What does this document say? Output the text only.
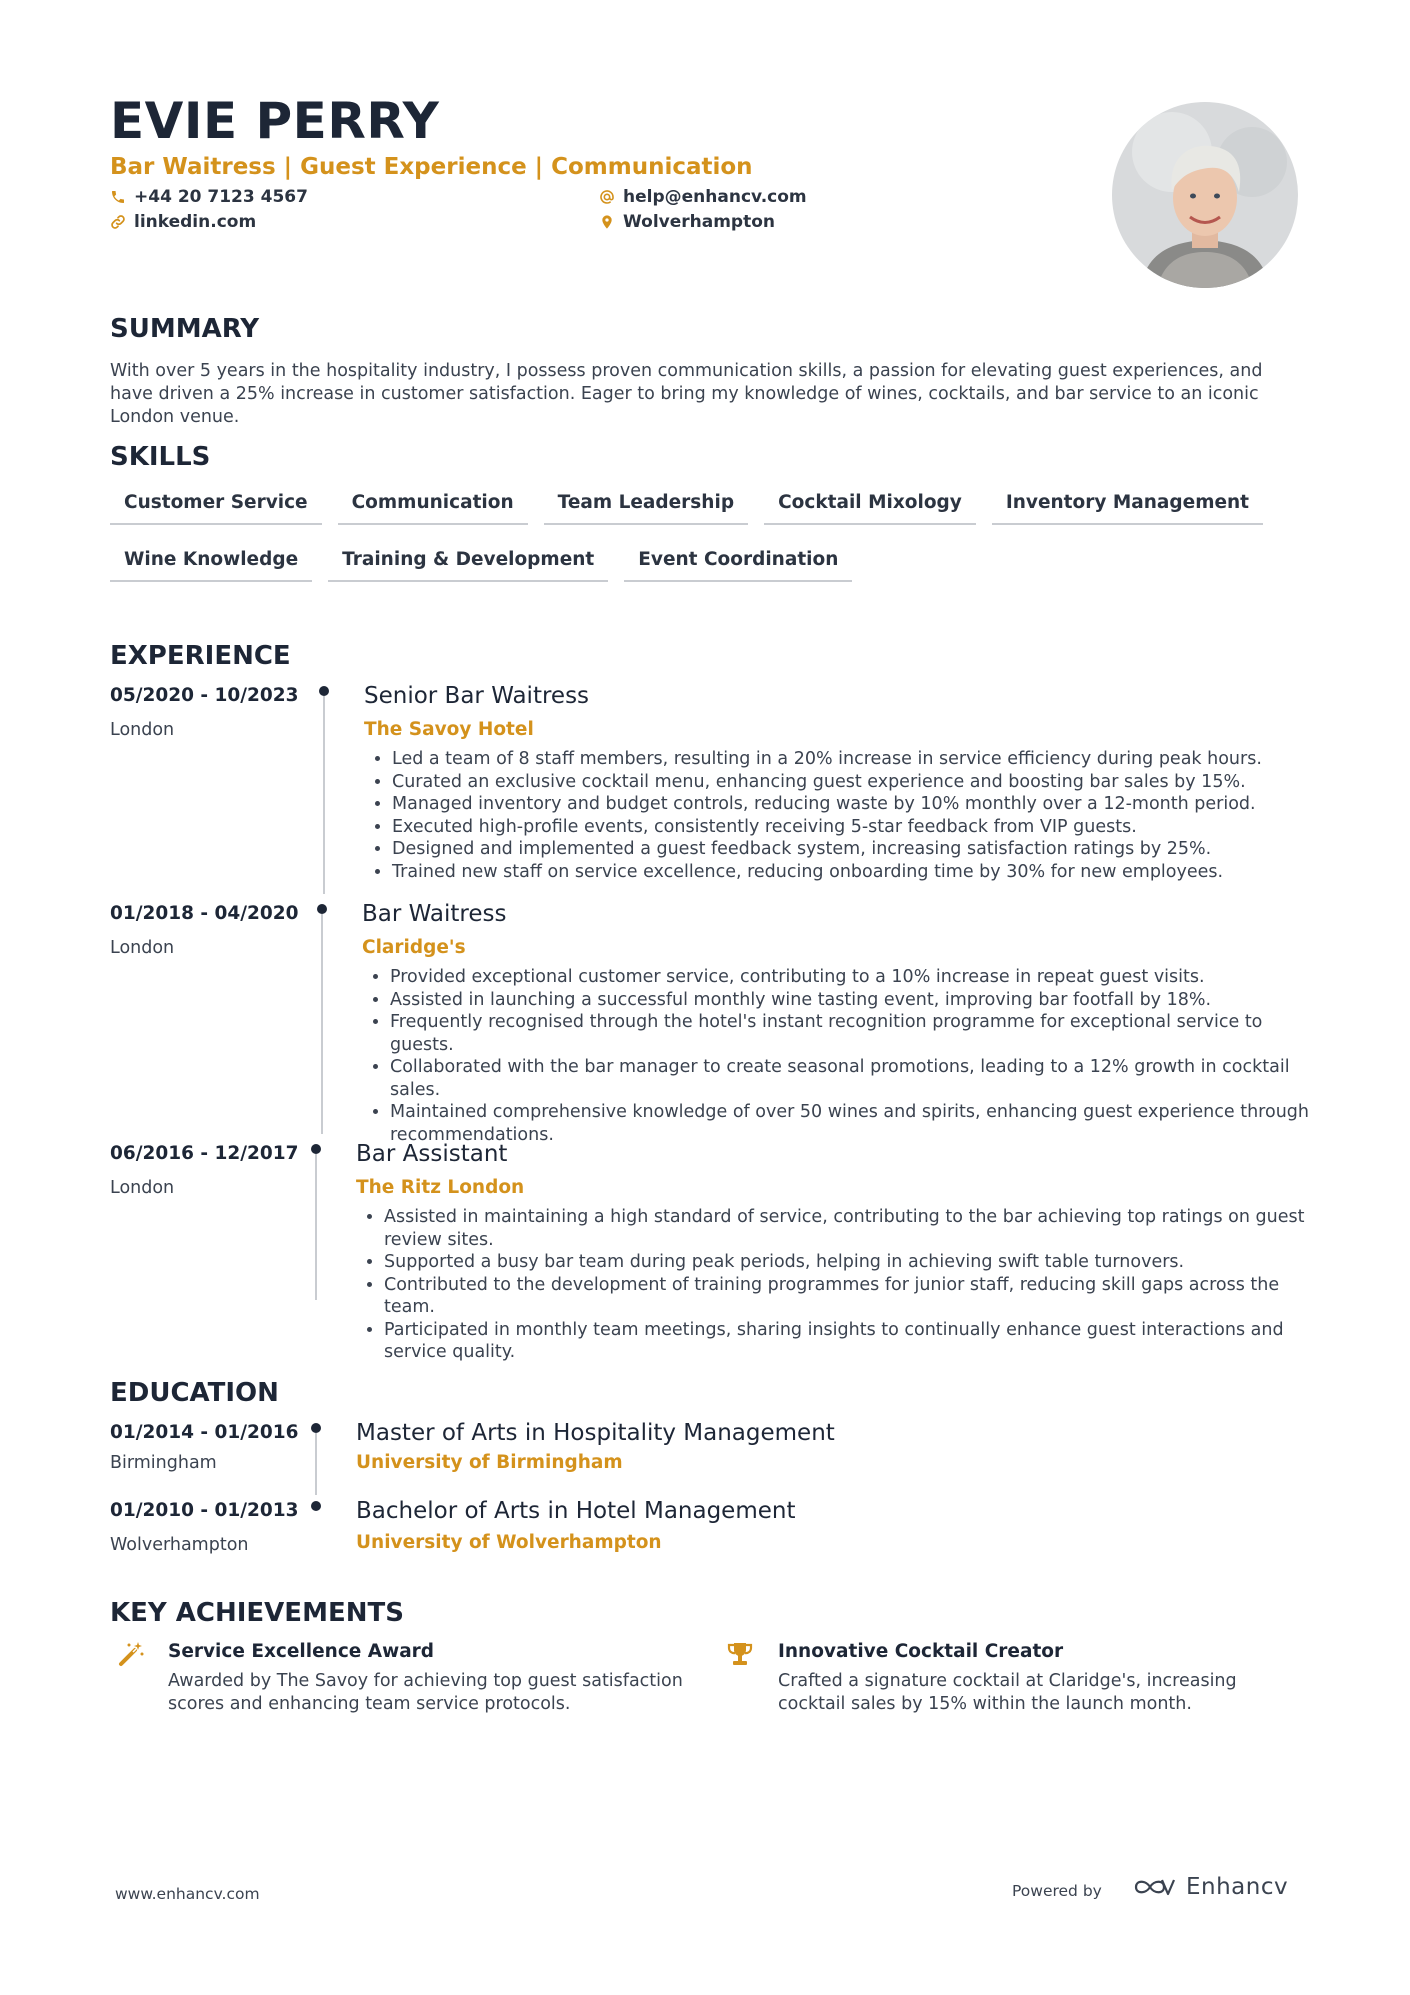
EVIE PERRY
Bar Waitress | Guest Experience | Communication
+44 20 7123 4567
linkedin.com
help@enhancv.com
Wolverhampton
SUMMARY
With over 5 years in the hospitality industry, I possess proven communication skills, a passion for elevating guest experiences, and have driven a 25% increase in customer satisfaction. Eager to bring my knowledge of wines, cocktails, and bar service to an iconic London venue.
SKILLS
Customer Service	Communication	Team Leadership	Cocktail Mixology	Inventory Management
Wine Knowledge	Training & Development	Event Coordination
EXPERIENCE
05/2020 - 10/2023
London
Senior Bar Waitress
The Savoy Hotel
• Led a team of 8 staff members, resulting in a 20% increase in service efficiency during peak hours.
• Curated an exclusive cocktail menu, enhancing guest experience and boosting bar sales by 15%.
• Managed inventory and budget controls, reducing waste by 10% monthly over a 12-month period.
• Executed high-profile events, consistently receiving 5-star feedback from VIP guests.
• Designed and implemented a guest feedback system, increasing satisfaction ratings by 25%.
• Trained new staff on service excellence, reducing onboarding time by 30% for new employees.
01/2018 - 04/2020
London
Bar Waitress
Claridge's
• Provided exceptional customer service, contributing to a 10% increase in repeat guest visits.
• Assisted in launching a successful monthly wine tasting event, improving bar footfall by 18%.
• Frequently recognised through the hotel's instant recognition programme for exceptional service to guests.
• Collaborated with the bar manager to create seasonal promotions, leading to a 12% growth in cocktail sales.
• Maintained comprehensive knowledge of over 50 wines and spirits, enhancing guest experience through recommendations.
06/2016 - 12/2017
London
Bar Assistant
The Ritz London
• Assisted in maintaining a high standard of service, contributing to the bar achieving top ratings on guest review sites.
• Supported a busy bar team during peak periods, helping in achieving swift table turnovers.
• Contributed to the development of training programmes for junior staff, reducing skill gaps across the team.
• Participated in monthly team meetings, sharing insights to continually enhance guest interactions and service quality.
EDUCATION
01/2014 - 01/2016
Birmingham
Master of Arts in Hospitality Management
University of Birmingham
01/2010 - 01/2013
Wolverhampton
Bachelor of Arts in Hotel Management
University of Wolverhampton
KEY ACHIEVEMENTS
Service Excellence Award
Awarded by The Savoy for achieving top guest satisfaction scores and enhancing team service protocols.
Innovative Cocktail Creator
Crafted a signature cocktail at Claridge's, increasing cocktail sales by 15% within the launch month.
www.enhancv.com	Powered by	Enhancv
